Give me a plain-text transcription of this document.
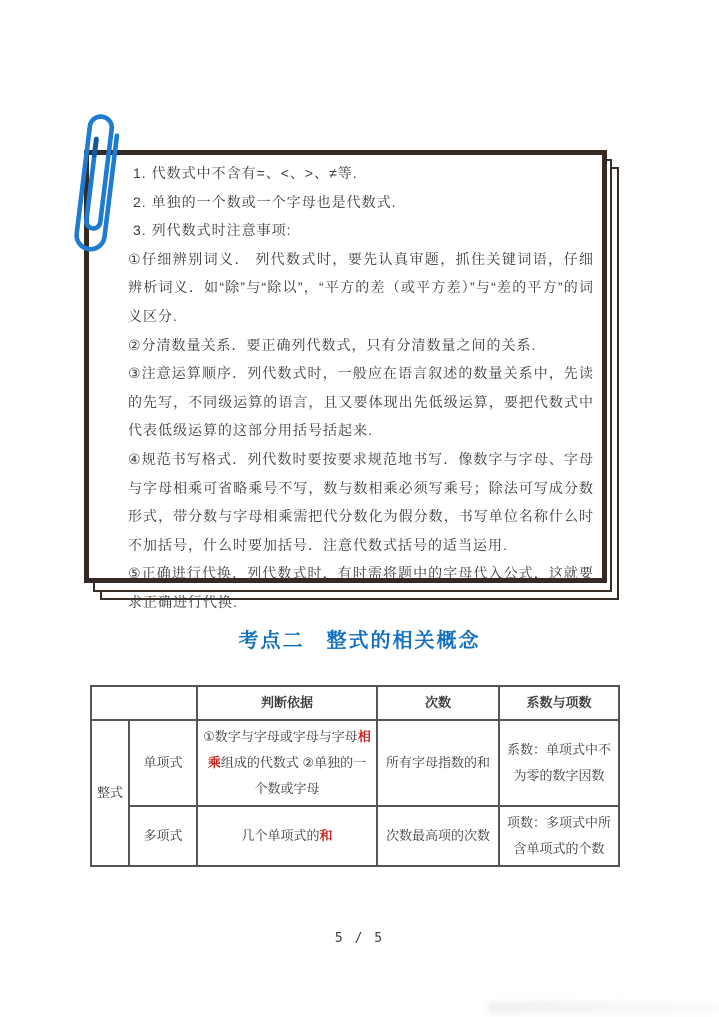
1. 代数式中不含有=、<、>、≠等.

2. 单独的一个数或一个字母也是代数式.

3. 列代数式时注意事项:

①仔细辨别词义． 列代数式时，要先认真审题，抓住关键词语，仔细辨析词义．如“除”与“除以”，“平方的差（或平方差）”与“差的平方”的词义区分.

②分清数量关系．要正确列代数式，只有分清数量之间的关系.

③注意运算顺序．列代数式时，一般应在语言叙述的数量关系中，先读的先写，不同级运算的语言，且又要体现出先低级运算，要把代数式中代表低级运算的这部分用括号括起来.

④规范书写格式．列代数时要按要求规范地书写．像数字与字母、字母与字母相乘可省略乘号不写，数与数相乘必须写乘号；除法可写成分数形式，带分数与字母相乘需把代分数化为假分数，书写单位名称什么时不加括号，什么时要加括号．注意代数式括号的适当运用.

⑤正确进行代换．列代数式时，有时需将题中的字母代入公式，这就要求正确进行代换.

考点二　整式的相关概念
		判断依据	次数	系数与项数
整式	单项式	①数字与字母或字母与字母相乘组成的代数式 ②单独的一个数或字母	所有字母指数的和	系数：单项式中不为零的数字因数
	多项式	几个单项式的和	次数最高项的次数	项数：多项式中所含单项式的个数
5 / 5
